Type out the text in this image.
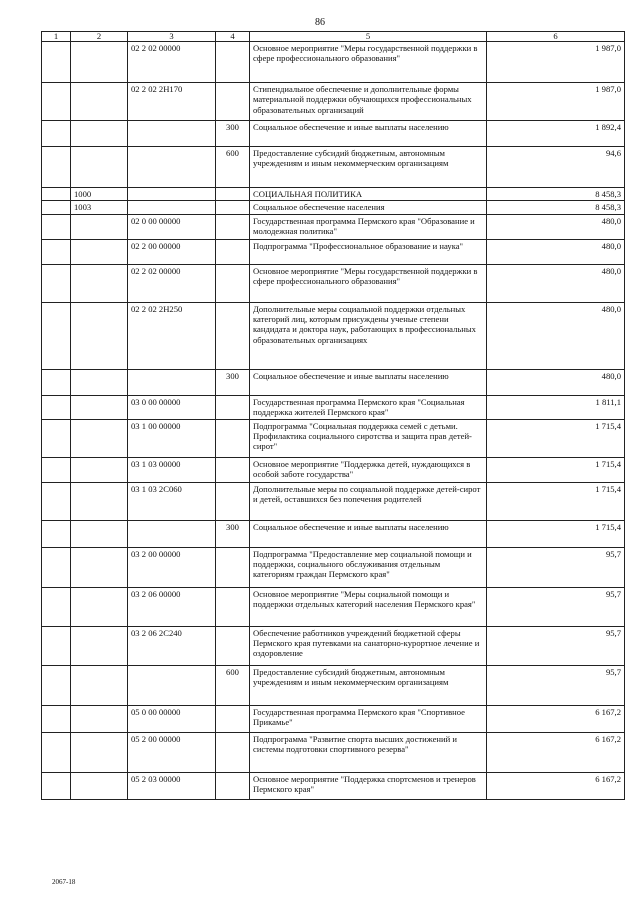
86
1	2	3	4	5	6
		02 2 02 00000		Основное мероприятие "Меры государственной поддержки в сфере профессионального образования"	1 987,0
		02 2 02 2Н170		Стипендиальное обеспечение и дополнительные формы материальной поддержки обучающихся профессиональных образовательных организаций	1 987,0
			300	Социальное обеспечение и иные выплаты населению	1 892,4
			600	Предоставление субсидий бюджетным, автономным учреждениям и иным некоммерческим организациям	94,6
	1000			СОЦИАЛЬНАЯ ПОЛИТИКА	8 458,3
	1003			Социальное обеспечение населения	8 458,3
		02 0 00 00000		Государственная программа Пермского края "Образование и молодежная политика"	480,0
		02 2 00 00000		Подпрограмма "Профессиональное образование и наука"	480,0
		02 2 02 00000		Основное мероприятие "Меры государственной поддержки в сфере профессионального образования"	480,0
		02 2 02 2Н250		Дополнительные меры социальной поддержки отдельных категорий лиц, которым присуждены ученые степени кандидата и доктора наук, работающих в профессиональных образовательных организациях	480,0
			300	Социальное обеспечение и иные выплаты населению	480,0
		03 0 00 00000		Государственная программа Пермского края "Социальная поддержка жителей Пермского края"	1 811,1
		03 1 00 00000		Подпрограмма "Социальная поддержка семей с детьми. Профилактика социального сиротства и защита прав детей-сирот"	1 715,4
		03 1 03 00000		Основное мероприятие "Поддержка детей, нуждающихся в особой заботе государства"	1 715,4
		03 1 03 2С060		Дополнительные меры по социальной поддержке детей-сирот и детей, оставшихся без попечения родителей	1 715,4
			300	Социальное обеспечение и иные выплаты населению	1 715,4
		03 2 00 00000		Подпрограмма "Предоставление мер социальной помощи и поддержки, социального обслуживания отдельным категориям граждан Пермского края"	95,7
		03 2 06 00000		Основное мероприятие "Меры социальной помощи и поддержки отдельных категорий населения Пермского края"	95,7
		03 2 06 2С240		Обеспечение работников учреждений бюджетной сферы Пермского края путевками на санаторно-курортное лечение и оздоровление	95,7
			600	Предоставление субсидий бюджетным, автономным учреждениям и иным некоммерческим организациям	95,7
		05 0 00 00000		Государственная программа Пермского края "Спортивное Прикамье"	6 167,2
		05 2 00 00000		Подпрограмма "Развитие спорта высших достижений и системы подготовки спортивного резерва"	6 167,2
		05 2 03 00000		Основное мероприятие "Поддержка спортсменов и тренеров Пермского края"	6 167,2
2067-18
